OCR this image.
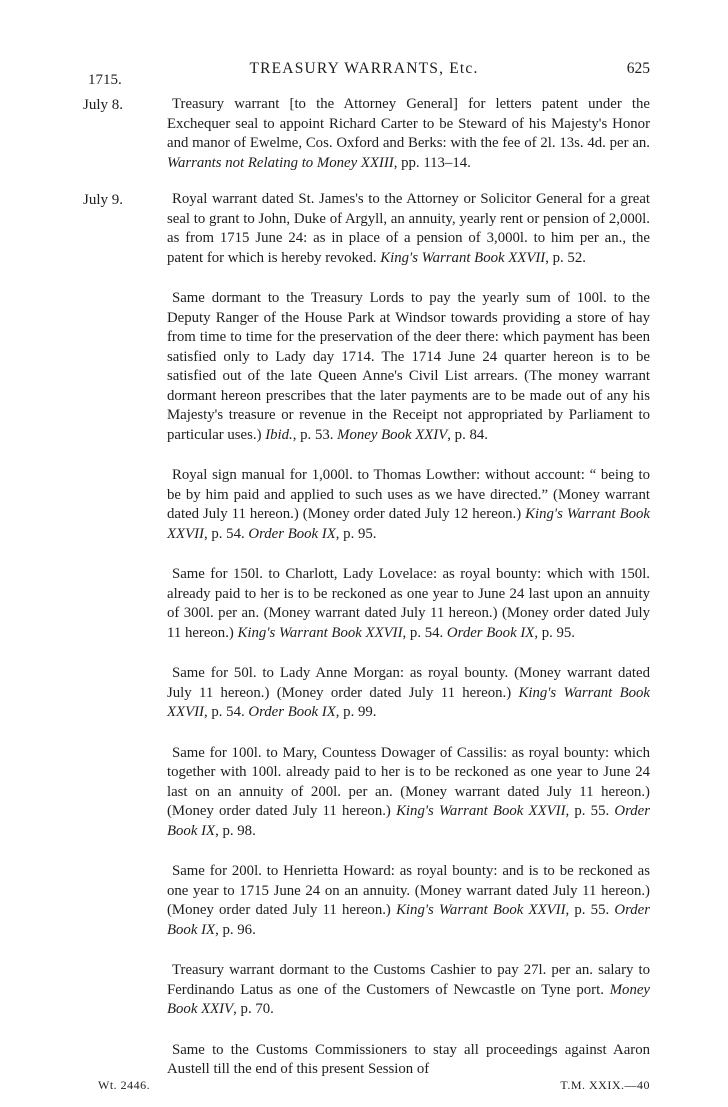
1715.
TREASURY WARRANTS, Etc.	625
July 8.	Treasury warrant [to the Attorney General] for letters patent under the Exchequer seal to appoint Richard Carter to be Steward of his Majesty's Honor and manor of Ewelme, Cos. Oxford and Berks: with the fee of 2l. 13s. 4d. per an. Warrants not Relating to Money XXIII, pp. 113–14.

July 9.	Royal warrant dated St. James's to the Attorney or Solicitor General for a great seal to grant to John, Duke of Argyll, an annuity, yearly rent or pension of 2,000l. as from 1715 June 24: as in place of a pension of 3,000l. to him per an., the patent for which is hereby revoked. King's Warrant Book XXVII, p. 52.

Same dormant to the Treasury Lords to pay the yearly sum of 100l. to the Deputy Ranger of the House Park at Windsor towards providing a store of hay from time to time for the preservation of the deer there: which payment has been satisfied only to Lady day 1714. The 1714 June 24 quarter hereon is to be satisfied out of the late Queen Anne's Civil List arrears. (The money warrant dormant hereon prescribes that the later payments are to be made out of any his Majesty's treasure or revenue in the Receipt not appropriated by Parliament to particular uses.) Ibid., p. 53. Money Book XXIV, p. 84.

Royal sign manual for 1,000l. to Thomas Lowther: without account: “ being to be by him paid and applied to such uses as we have directed.” (Money warrant dated July 11 hereon.) (Money order dated July 12 hereon.) King's Warrant Book XXVII, p. 54. Order Book IX, p. 95.

Same for 150l. to Charlott, Lady Lovelace: as royal bounty: which with 150l. already paid to her is to be reckoned as one year to June 24 last upon an annuity of 300l. per an. (Money warrant dated July 11 hereon.) (Money order dated July 11 hereon.) King's Warrant Book XXVII, p. 54. Order Book IX, p. 95.

Same for 50l. to Lady Anne Morgan: as royal bounty. (Money warrant dated July 11 hereon.) (Money order dated July 11 hereon.) King's Warrant Book XXVII, p. 54. Order Book IX, p. 99.

Same for 100l. to Mary, Countess Dowager of Cassilis: as royal bounty: which together with 100l. already paid to her is to be reckoned as one year to June 24 last on an annuity of 200l. per an. (Money warrant dated July 11 hereon.) (Money order dated July 11 hereon.) King's Warrant Book XXVII, p. 55. Order Book IX, p. 98.

Same for 200l. to Henrietta Howard: as royal bounty: and is to be reckoned as one year to 1715 June 24 on an annuity. (Money warrant dated July 11 hereon.) (Money order dated July 11 hereon.) King's Warrant Book XXVII, p. 55. Order Book IX, p. 96.

Treasury warrant dormant to the Customs Cashier to pay 27l. per an. salary to Ferdinando Latus as one of the Customers of Newcastle on Tyne port. Money Book XXIV, p. 70.

Same to the Customs Commissioners to stay all proceedings against Aaron Austell till the end of this present Session of

Wt. 2446.	T.M. XXIX.—40
